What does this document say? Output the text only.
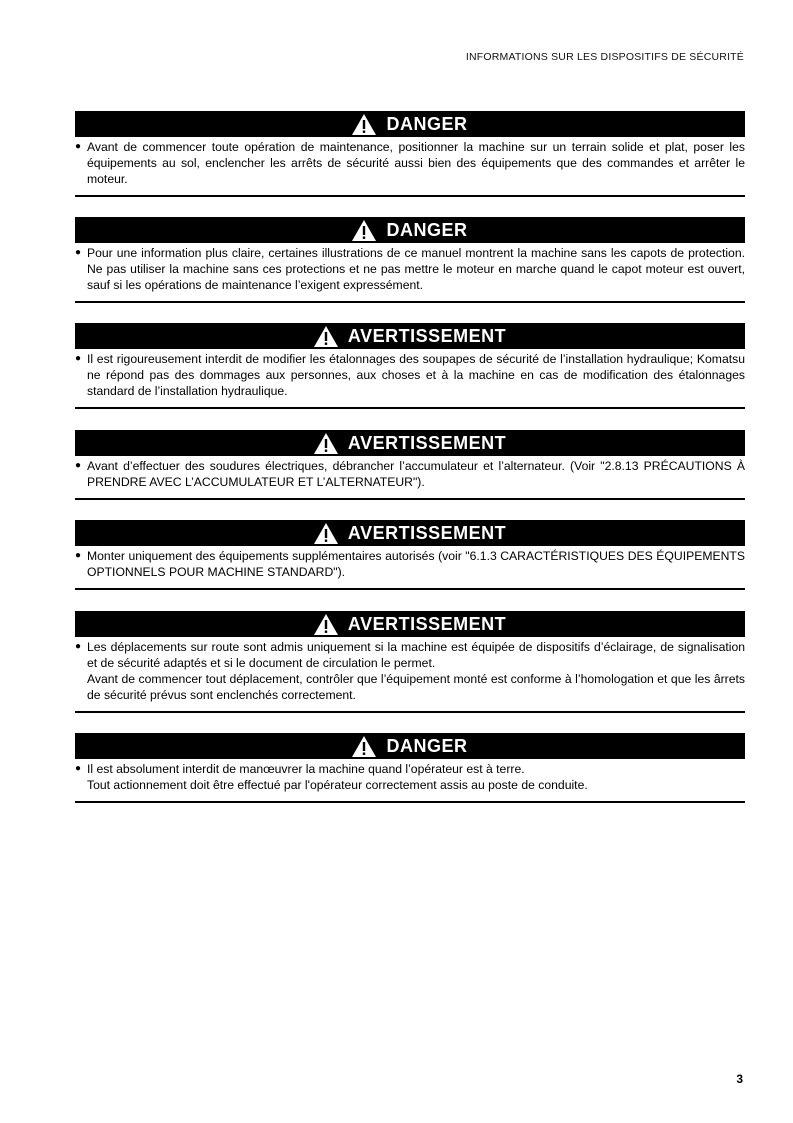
INFORMATIONS SUR LES DISPOSITIFS DE SÉCURITÉ
DANGER
● Avant de commencer toute opération de maintenance, positionner la machine sur un terrain solide et plat, poser les équipements au sol, enclencher les arrêts de sécurité aussi bien des équipements que des commandes et arrêter le moteur.

DANGER
● Pour une information plus claire, certaines illustrations de ce manuel montrent la machine sans les capots de protection. Ne pas utiliser la machine sans ces protections et ne pas mettre le moteur en marche quand le capot moteur est ouvert, sauf si les opérations de maintenance l’exigent expressément.

AVERTISSEMENT
● Il est rigoureusement interdit de modifier les étalonnages des soupapes de sécurité de l’installation hydraulique; Komatsu ne répond pas des dommages aux personnes, aux choses et à la machine en cas de modification des étalonnages standard de l’installation hydraulique.

AVERTISSEMENT
● Avant d’effectuer des soudures électriques, débrancher l’accumulateur et l’alternateur. (Voir "2.8.13 PRÉCAUTIONS À PRENDRE AVEC L’ACCUMULATEUR ET L’ALTERNATEUR").

AVERTISSEMENT
● Monter uniquement des équipements supplémentaires autorisés (voir "6.1.3 CARACTÉRISTIQUES DES ÉQUIPEMENTS OPTIONNELS POUR MACHINE STANDARD").

AVERTISSEMENT
● Les déplacements sur route sont admis uniquement si la machine est équipée de dispositifs d’éclairage, de signalisation et de sécurité adaptés et si le document de circulation le permet.

Avant de commencer tout déplacement, contrôler que l’équipement monté est conforme à l’homologation et que les ârrets de sécurité prévus sont enclenchés correctement.

DANGER
● Il est absolument interdit de manœuvrer la machine quand l’opérateur est à terre.

Tout actionnement doit être effectué par l'opérateur correctement assis au poste de conduite.

3
